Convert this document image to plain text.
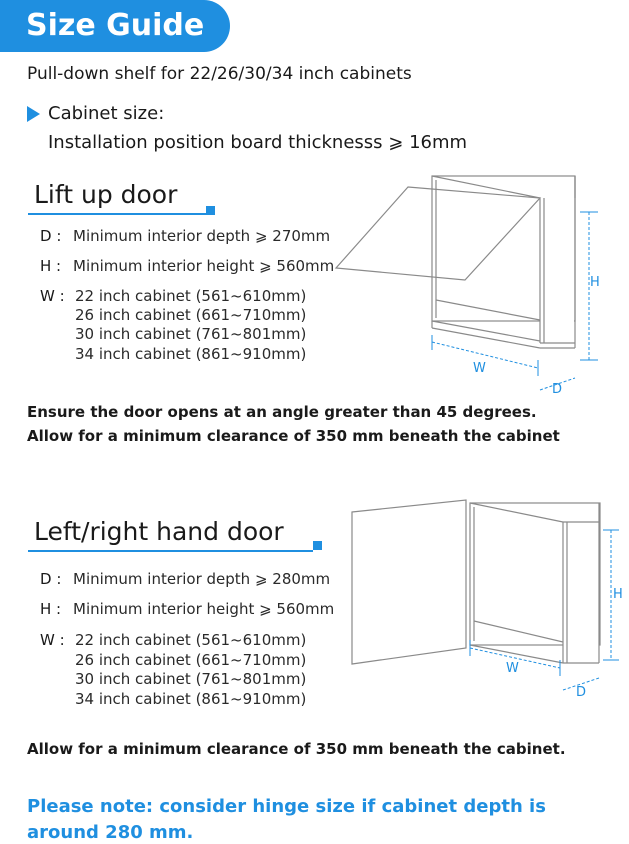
Size Guide
Pull-down shelf for 22/26/30/34 inch cabinets
Cabinet size:
Installation position board thicknesss ⩾ 16mm
Lift up door
D : Minimum interior depth ⩾ 270mm
H : Minimum interior height ⩾ 560mm
W : 22 inch cabinet (561~610mm)
26 inch cabinet (661~710mm)
30 inch cabinet (761~801mm)
34 inch cabinet (861~910mm)
W
H
D
Ensure the door opens at an angle greater than 45 degrees.
Allow for a minimum clearance of 350 mm beneath the cabinet
Left/right hand door
D : Minimum interior depth ⩾ 280mm
H : Minimum interior height ⩾ 560mm
W : 22 inch cabinet (561~610mm)
26 inch cabinet (661~710mm)
30 inch cabinet (761~801mm)
34 inch cabinet (861~910mm)
W
H
D
Allow for a minimum clearance of 350 mm beneath the cabinet.
Please note: consider hinge size if cabinet depth is
around 280 mm.
